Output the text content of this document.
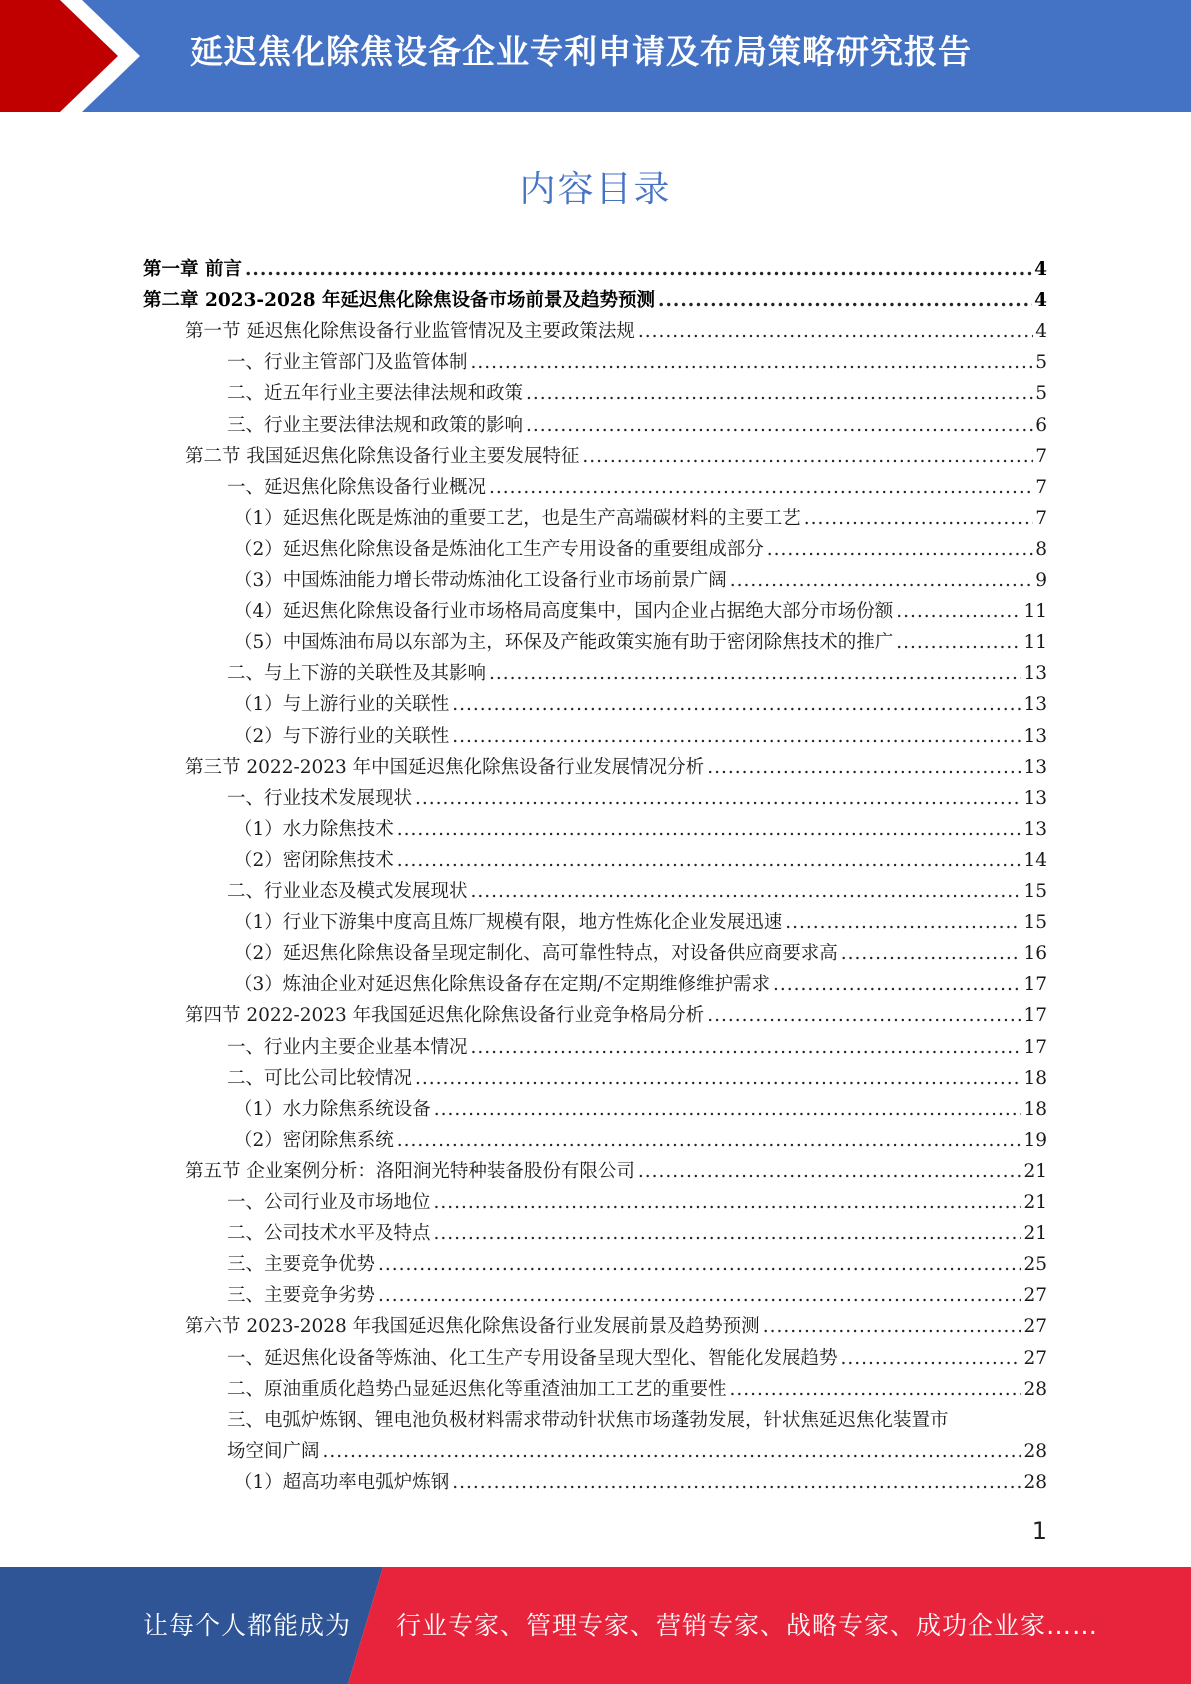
延迟焦化除焦设备企业专利申请及布局策略研究报告
内容目录
第一章 前言 .....	4
第二章 2023-2028 年延迟焦化除焦设备市场前景及趋势预测 .....	4
第一节 延迟焦化除焦设备行业监管情况及主要政策法规 .....	4
一、行业主管部门及监管体制 .....	5
二、近五年行业主要法律法规和政策 .....	5
三、行业主要法律法规和政策的影响 .....	6
第二节 我国延迟焦化除焦设备行业主要发展特征 .....	7
一、延迟焦化除焦设备行业概况 .....	7
（1）延迟焦化既是炼油的重要工艺，也是生产高端碳材料的主要工艺 .....	7
（2）延迟焦化除焦设备是炼油化工生产专用设备的重要组成部分 .....	8
（3）中国炼油能力增长带动炼油化工设备行业市场前景广阔 .....	9
（4）延迟焦化除焦设备行业市场格局高度集中，国内企业占据绝大部分市场份额 .....	11
（5）中国炼油布局以东部为主，环保及产能政策实施有助于密闭除焦技术的推广 .....	11
二、与上下游的关联性及其影响 .....	13
（1）与上游行业的关联性 .....	13
（2）与下游行业的关联性 .....	13
第三节 2022-2023 年中国延迟焦化除焦设备行业发展情况分析 .....	13
一、行业技术发展现状 .....	13
（1）水力除焦技术 .....	13
（2）密闭除焦技术 .....	14
二、行业业态及模式发展现状 .....	15
（1）行业下游集中度高且炼厂规模有限，地方性炼化企业发展迅速 .....	15
（2）延迟焦化除焦设备呈现定制化、高可靠性特点，对设备供应商要求高 .....	16
（3）炼油企业对延迟焦化除焦设备存在定期/不定期维修维护需求 .....	17
第四节 2022-2023 年我国延迟焦化除焦设备行业竞争格局分析 .....	17
一、行业内主要企业基本情况 .....	17
二、可比公司比较情况 .....	18
（1）水力除焦系统设备 .....	18
（2）密闭除焦系统 .....	19
第五节 企业案例分析：洛阳涧光特种装备股份有限公司 .....	21
一、公司行业及市场地位 .....	21
二、公司技术水平及特点 .....	21
三、主要竞争优势 .....	25
三、主要竞争劣势 .....	27
第六节 2023-2028 年我国延迟焦化除焦设备行业发展前景及趋势预测 .....	27
一、延迟焦化设备等炼油、化工生产专用设备呈现大型化、智能化发展趋势 .....	27
二、原油重质化趋势凸显延迟焦化等重渣油加工工艺的重要性 .....	28
三、电弧炉炼钢、锂电池负极材料需求带动针状焦市场蓬勃发展，针状焦延迟焦化装置市
场空间广阔 .....	28
（1）超高功率电弧炉炼钢 .....	28
1
让每个人都能成为 行业专家、管理专家、营销专家、战略专家、成功企业家……
